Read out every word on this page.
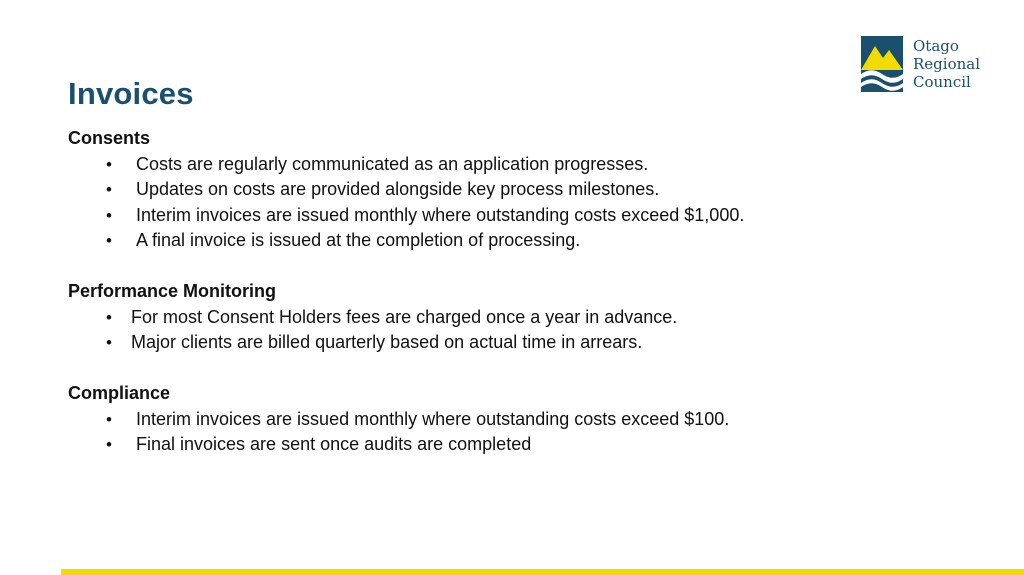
Invoices
Otago
Regional
Council
Consents
• Costs are regularly communicated as an application progresses.
• Updates on costs are provided alongside key process milestones.
• Interim invoices are issued monthly where outstanding costs exceed $1,000.
• A final invoice is issued at the completion of processing.
Performance Monitoring
• For most Consent Holders fees are charged once a year in advance.
• Major clients are billed quarterly based on actual time in arrears.
Compliance
• Interim invoices are issued monthly where outstanding costs exceed $100.
• Final invoices are sent once audits are completed
